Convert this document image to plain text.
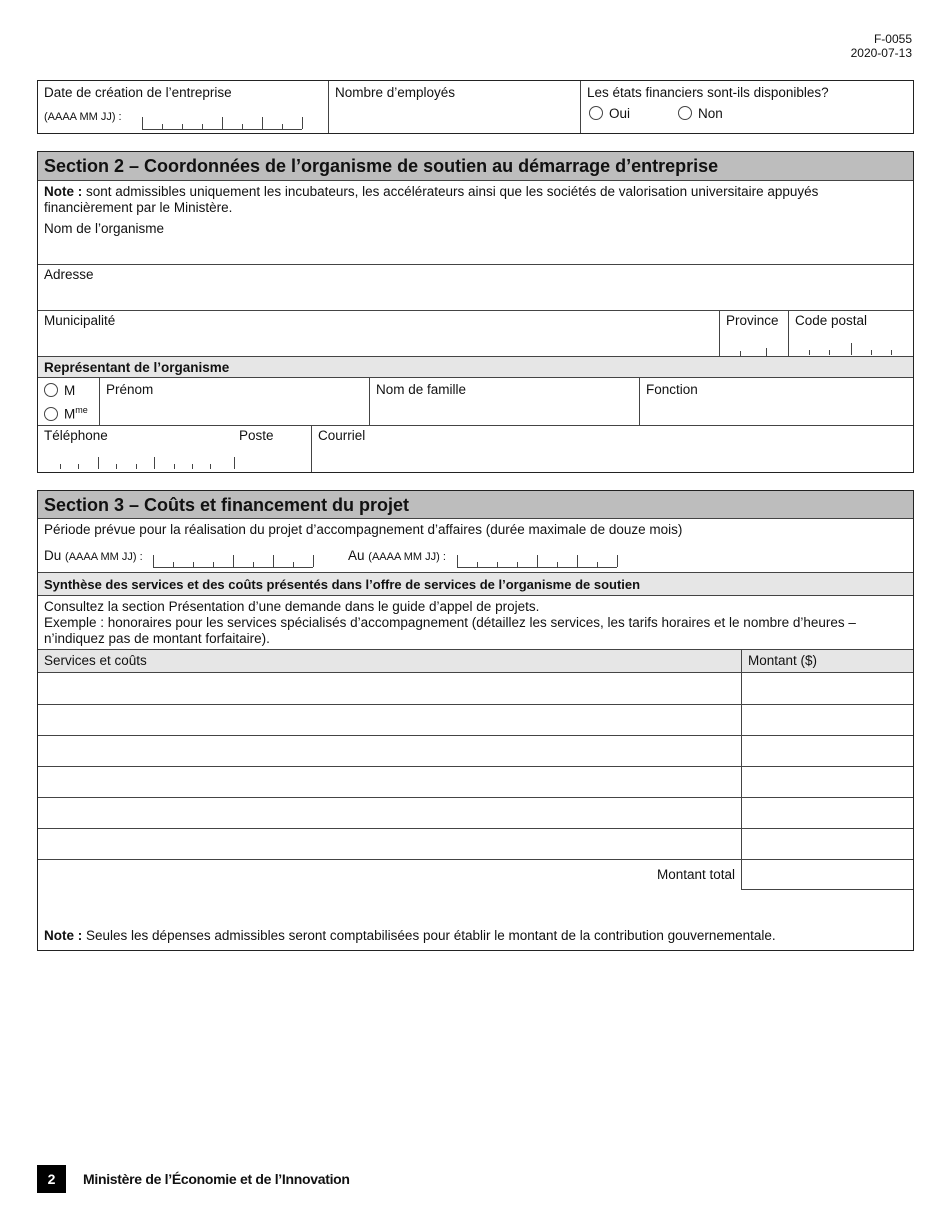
F-0055
2020-07-13
Date de création de l’entreprise
(AAAA MM JJ) :
Nombre d’employés	Les états financiers sont-ils disponibles?
Oui	Non
Section 2 – Coordonnées de l’organisme de soutien au démarrage d’entreprise
Note : sont admissibles uniquement les incubateurs, les accélérateurs ainsi que les sociétés de valorisation universitaire appuyés financièrement par le Ministère.
Nom de l’organisme
Adresse
Municipalité	Province Code postal
Représentant de l’organisme
M
$M^{me}$
Prénom	Nom de famille	Fonction
Téléphone	Poste	Courriel
Section 3 – Coûts et financement du projet
Période prévue pour la réalisation du projet d’accompagnement d’affaires (durée maximale de douze mois)
Du (AAAA MM JJ) :	Au (AAAA MM JJ) :
Synthèse des services et des coûts présentés dans l’offre de services de l’organisme de soutien
Consultez la section Présentation d’une demande dans le guide d’appel de projets.
Exemple : honoraires pour les services spécialisés d’accompagnement (détaillez les services, les tarifs horaires et le nombre d’heures – n’indiquez pas de montant forfaitaire).
Services et coûts	Montant ($)
Montant total
Note : Seules les dépenses admissibles seront comptabilisées pour établir le montant de la contribution gouvernementale.
2	Ministère de l’Économie et de l’Innovation
